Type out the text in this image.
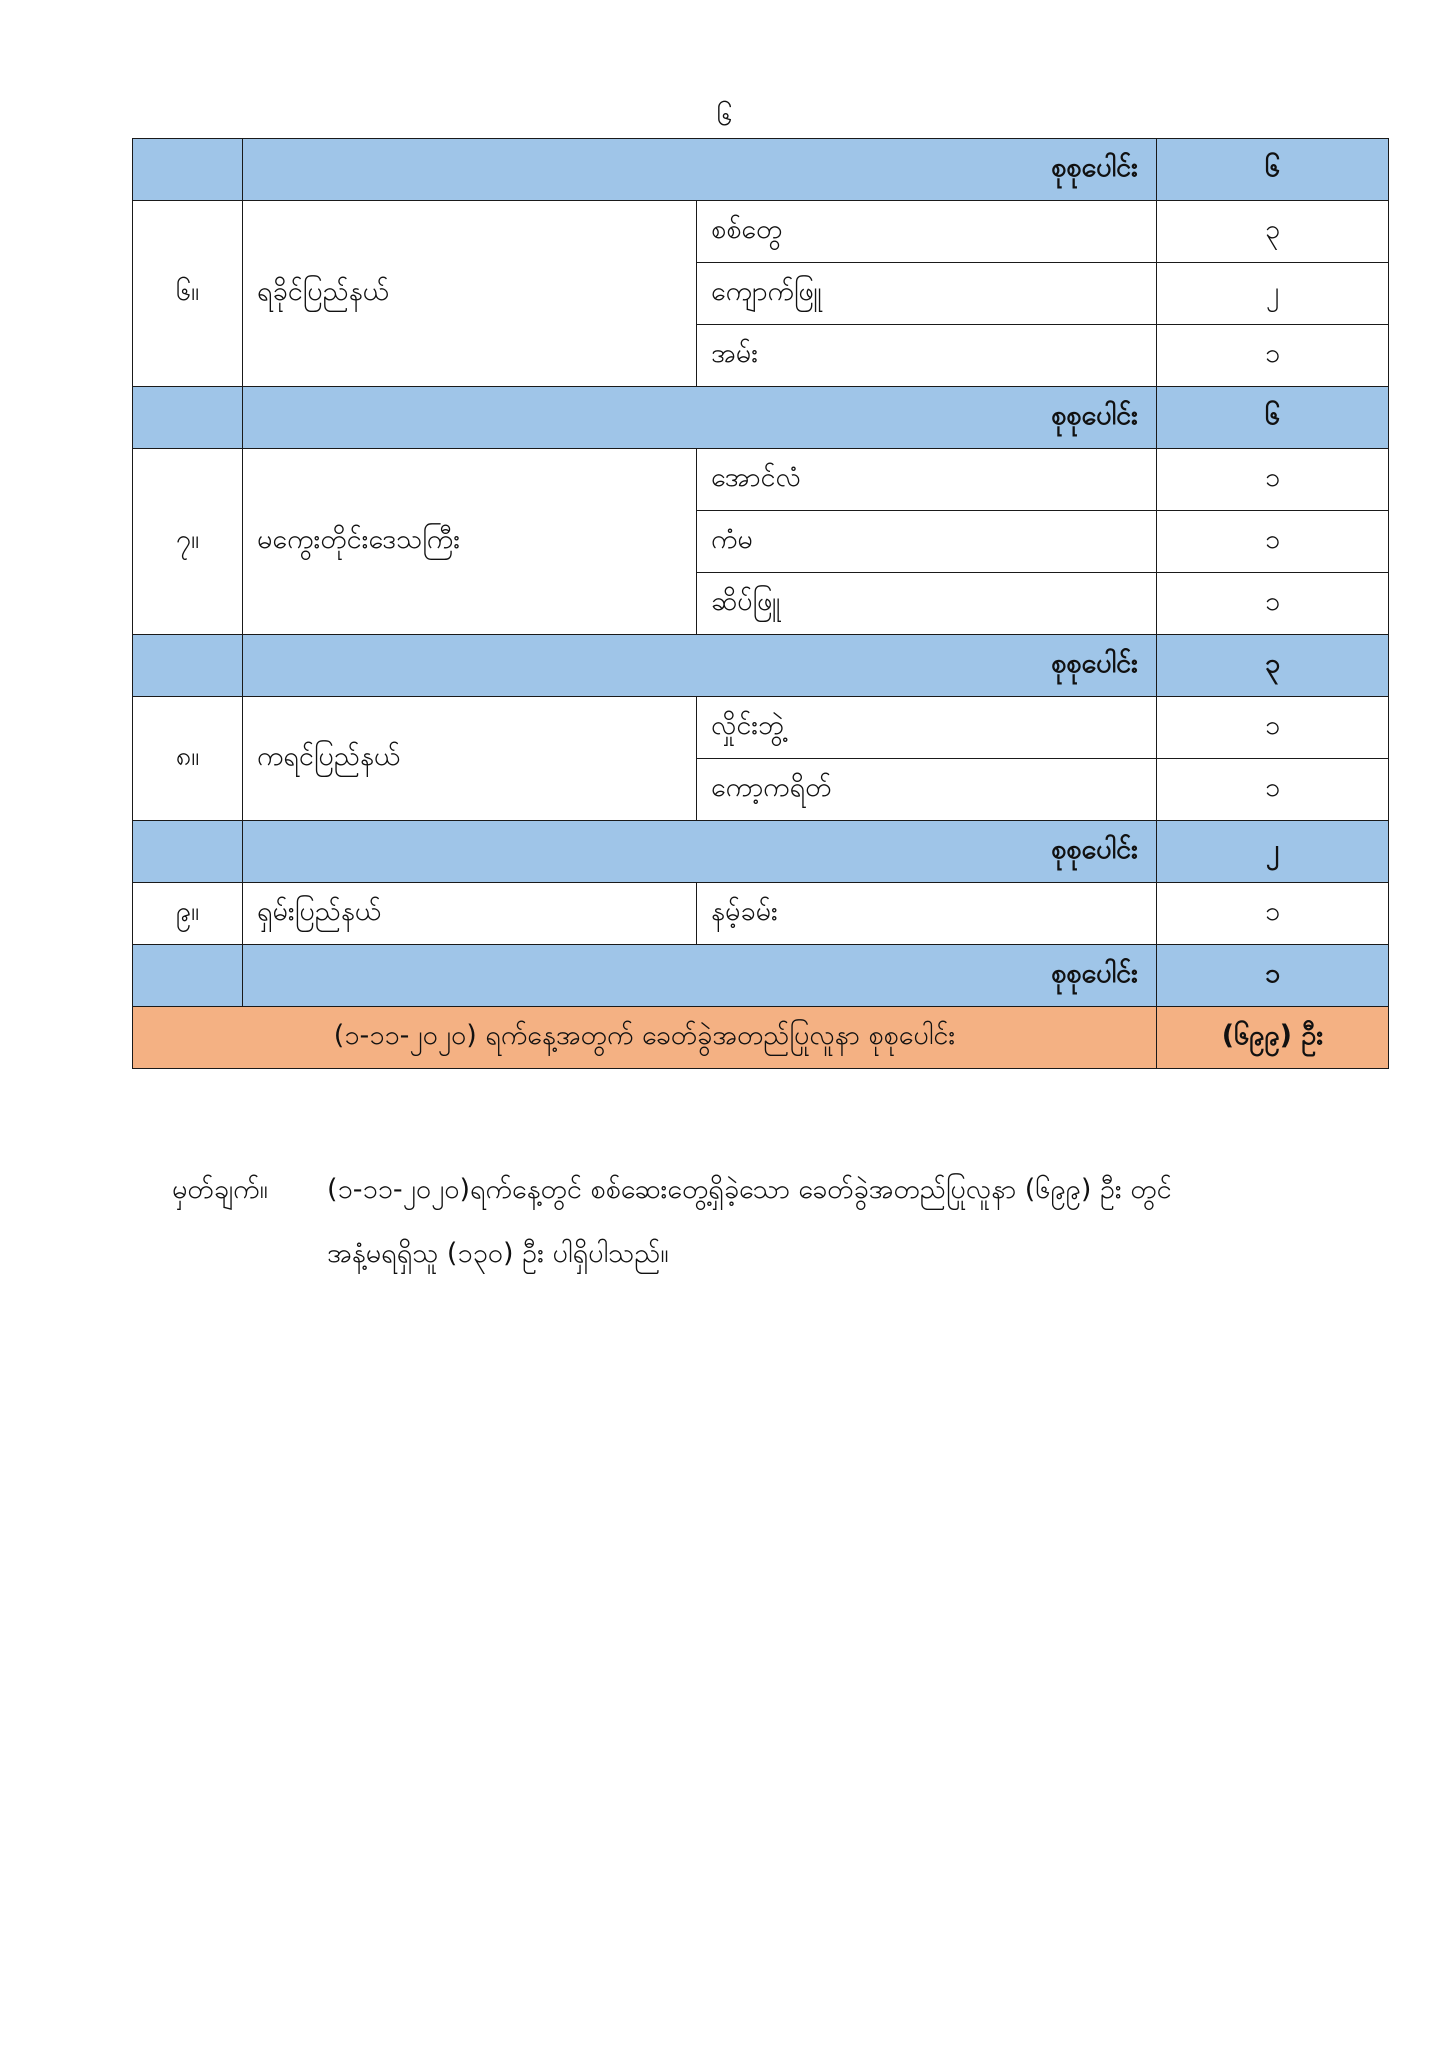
၆
	စုစုပေါင်း		၆
၆။	ရခိုင်ပြည်နယ်	စစ်တွေ	၃
		ကျောက်ဖြူ	၂
		အမ်း	၁
	စုစုပေါင်း		၆
၇။	မကွေးတိုင်းဒေသကြီး	အောင်လံ	၁
		ကံမ	၁
		ဆိပ်ဖြူ	၁
	စုစုပေါင်း		၃
၈။	ကရင်ပြည်နယ်	လှိုင်းဘွဲ့	၁
		ကော့ကရိတ်	၁
	စုစုပေါင်း		၂
၉။	ရှမ်းပြည်နယ်	နမ့်ခမ်း	၁
	စုစုပေါင်း		၁
(၁-၁၁-၂၀၂၀) ရက်နေ့အတွက် ခေတ်ခွဲအတည်ပြုလူနာ စုစုပေါင်း			(၆၉၉) ဦး
မှတ်ချက်။	(၁-၁၁-၂၀၂၀)ရက်နေ့တွင် စစ်ဆေးတွေ့ရှိခဲ့သော ခေတ်ခွဲအတည်ပြုလူနာ (၆၉၉) ဦး တွင်
အနံ့မရရှိသူ (၁၃၀) ဦး ပါရှိပါသည်။
